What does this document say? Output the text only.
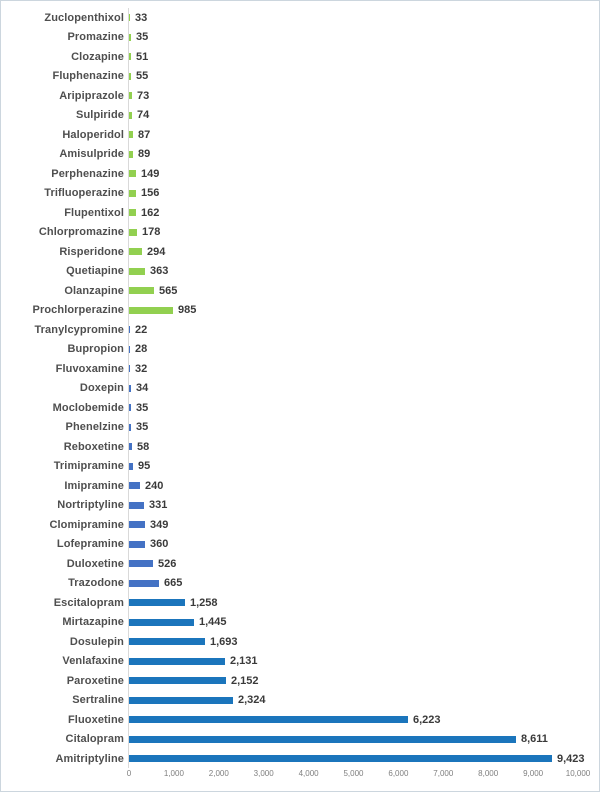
Zuclopenthixol 33
Promazine 35
Clozapine 51
Fluphenazine 55
Aripiprazole 73
Sulpiride 74
Haloperidol 87
Amisulpride 89
Perphenazine 149
Trifluoperazine 156
Flupentixol 162
Chlorpromazine 178
Risperidone 294
Quetiapine 363
Olanzapine	565
Prochlorperazine	985
Tranylcypromine 22
Bupropion 28
Fluvoxamine 32
Doxepin 34
Moclobemide 35
Phenelzine 35
Reboxetine 58
Trimipramine 95
Imipramine 240
Nortriptyline 331
Clomipramine 349
Lofepramine 360
Duloxetine	526
Trazodone	665
Escitalopram	1,258
Mirtazapine	1,445
Dosulepin	1,693
Venlafaxine	2,131
Paroxetine	2,152
Sertraline	2,324
Fluoxetine	6,223
Citalopram	8,611
Amitriptyline	9,423
0	1,000	2,000	3,000	4,000	5,000	6,000	7,000	8,000	9,000	10,000
